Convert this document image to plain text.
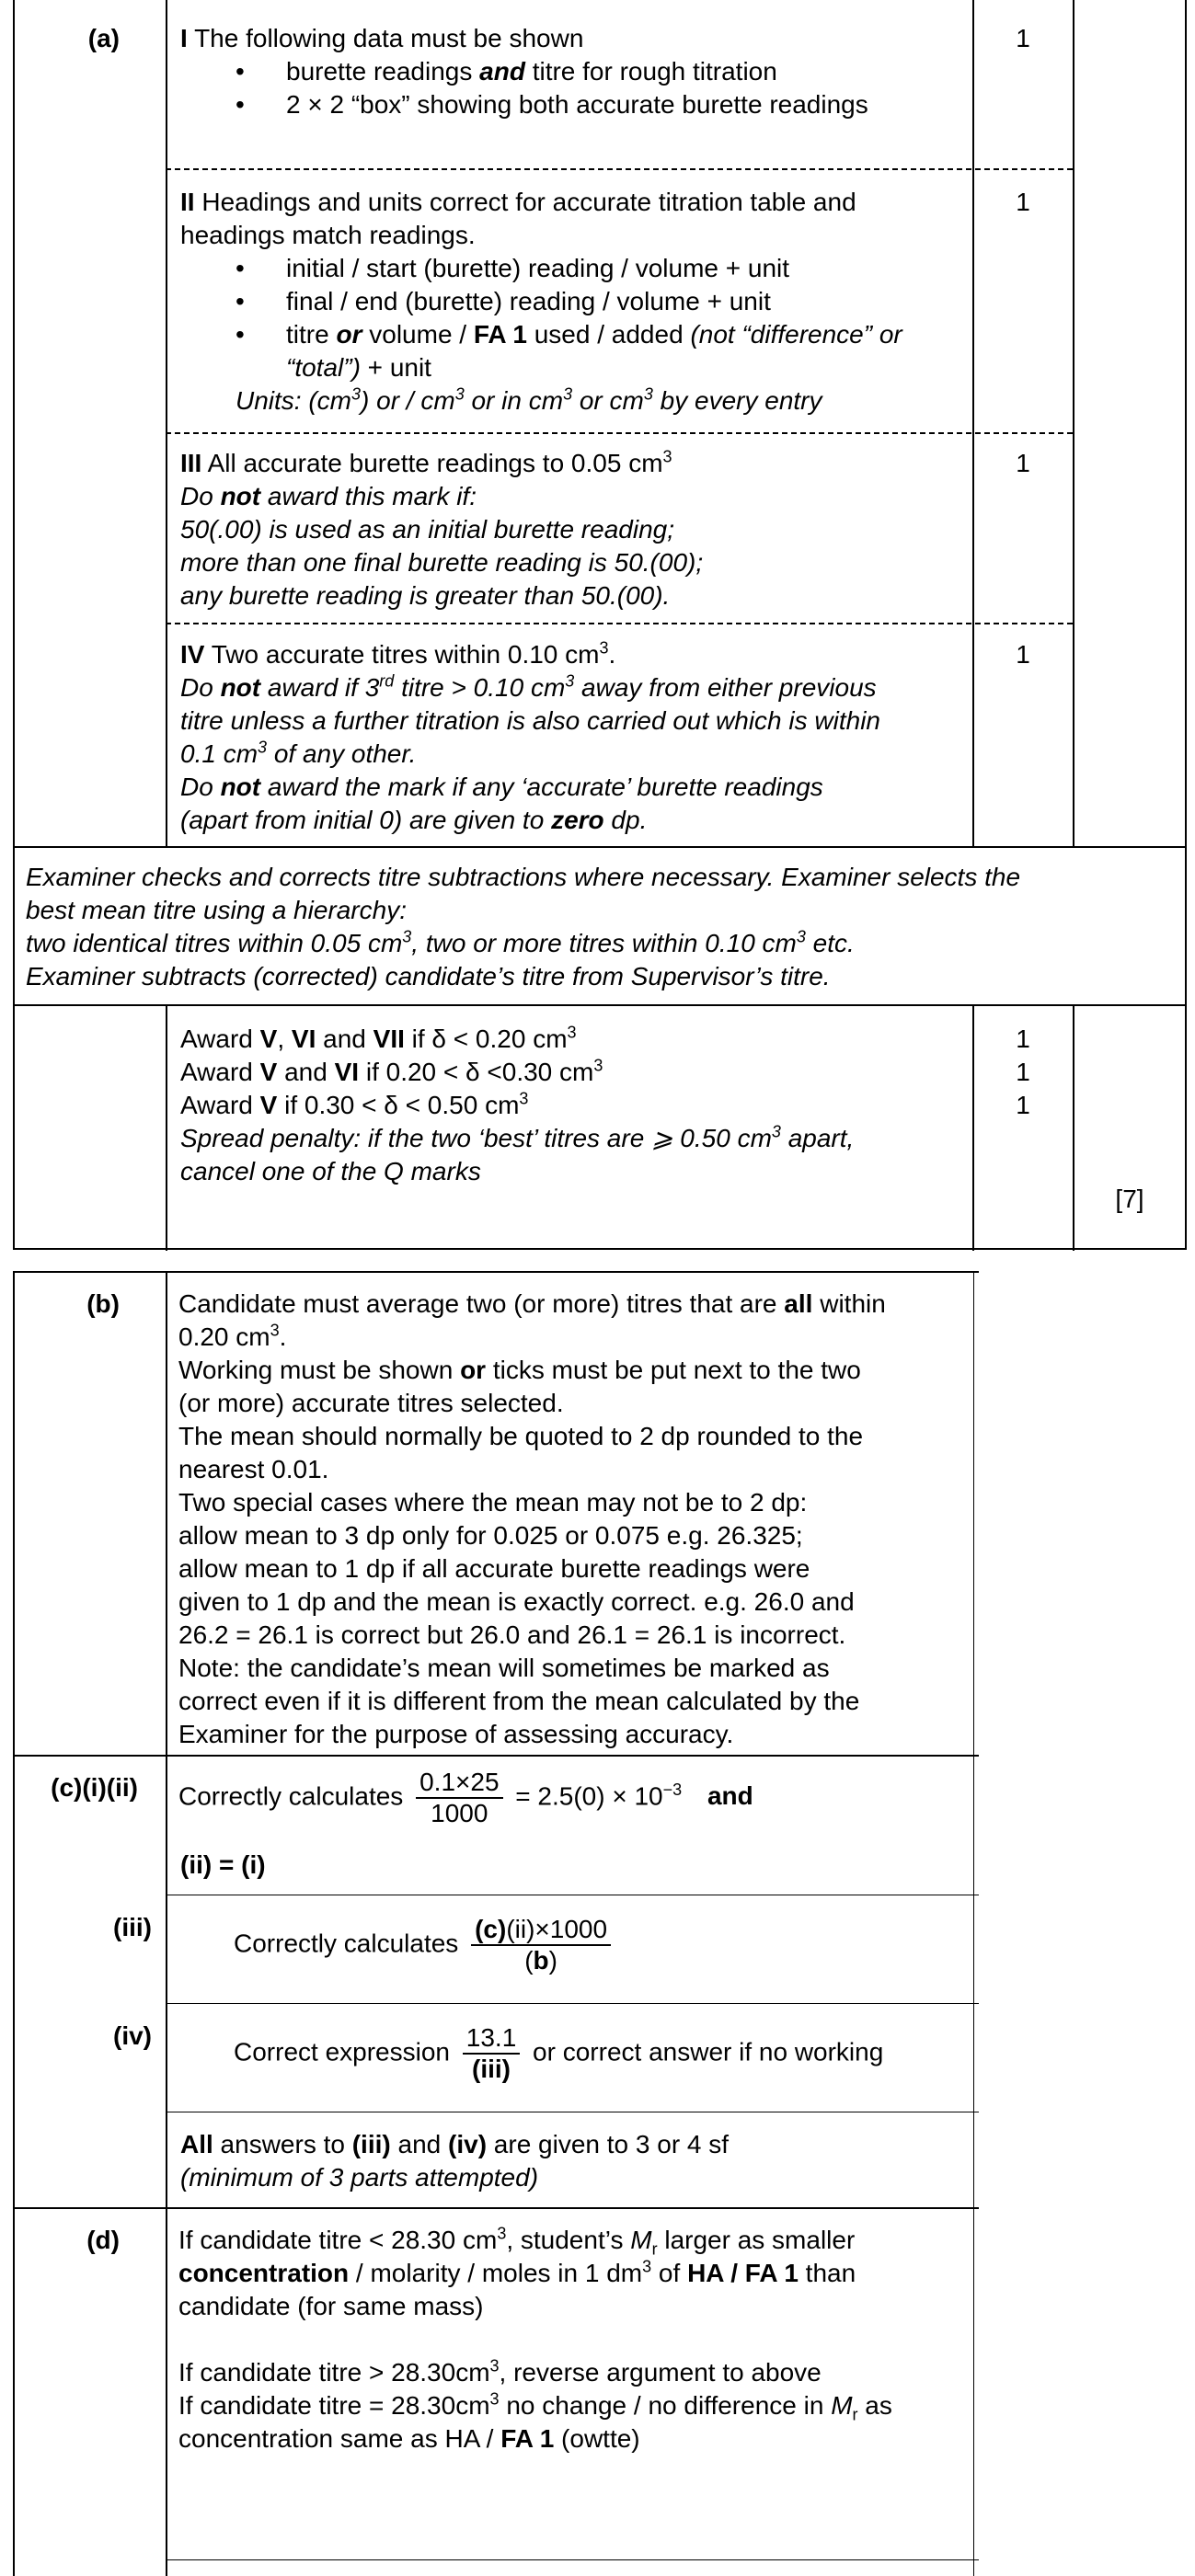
(a) I The following data must be shown
• burette readings and titre for rough titration
• 2 × 2 “box” showing both accurate burette readings
1
II Headings and units correct for accurate titration table and headings match readings.
• initial / start (burette) reading / volume + unit
• final / end (burette) reading / volume + unit
• titre or volume / FA 1 used / added (not “difference” or “total”) + unit
Units: $(cm^3)$ or / $cm^3$ or in $cm^3$ or $cm^3$ by every entry
1
III All accurate burette readings to 0.05 $cm^3$
Do not award this mark if:
50(.00) is used as an initial burette reading;
more than one final burette reading is 50.(00);
any burette reading is greater than 50.(00).
1
IV Two accurate titres within 0.10 $cm^3$.
Do not award if 3rd titre > 0.10 $cm^3$ away from either previous
titre unless a further titration is also carried out which is within
0.1 $cm^3$ of any other.
Do not award the mark if any ‘accurate’ burette readings
(apart from initial 0) are given to zero dp.
1
Examiner checks and corrects titre subtractions where necessary. Examiner selects the
best mean titre using a hierarchy:
two identical titres within 0.05 $cm^3$, two or more titres within 0.10 $cm^3$ etc.
Examiner subtracts (corrected) candidate’s titre from Supervisor’s titre.
Award V, VI and VII if δ < 0.20 $cm^3$
Award V and VI if 0.20 < δ <0.30 $cm^3$
Award V if 0.30 < δ < 0.50 $cm^3$
Spread penalty: if the two ‘best’ titres are ⩾ 0.50 $cm^3$ apart,
cancel one of the Q marks
1
1
1
[7]
(b) Candidate must average two (or more) titres that are all within
0.20 $cm^3$.
Working must be shown or ticks must be put next to the two
(or more) accurate titres selected.
The mean should normally be quoted to 2 dp rounded to the
nearest 0.01.
Two special cases where the mean may not be to 2 dp:
allow mean to 3 dp only for 0.025 or 0.075 e.g. 26.325;
allow mean to 1 dp if all accurate burette readings were
given to 1 dp and the mean is exactly correct. e.g. 26.0 and
26.2 = 26.1 is correct but 26.0 and 26.1 = 26.1 is incorrect.
Note: the candidate’s mean will sometimes be marked as
correct even if it is different from the mean calculated by the
Examiner for the purpose of assessing accuracy.
(c)(i)(ii) Correctly calculates $\frac{0.1\times 25}{1000} = 2.5(0) \times 10^{-3}$ and
(ii) = (i)
(iii)
Correctly calculates $\frac{(c)(ii)\times 1000}{(b)}$
(iv)
Correct expression $\frac{13.1}{\text{(iii)}}$ or correct answer if no working
All answers to (iii) and (iv) are given to 3 or 4 sf
(minimum of 3 parts attempted)
(d) If candidate titre < 28.30 $cm^3$, student’s $M_r$ larger as smaller
concentration / molarity / moles in 1 $dm^3$ of HA / FA 1 than
candidate (for same mass)
If candidate titre > $28.30cm^3$, reverse argument to above
If candidate titre = $28.30cm^3$ no change / no difference in $M_r$ as
concentration same as HA / FA 1 (owtte)
